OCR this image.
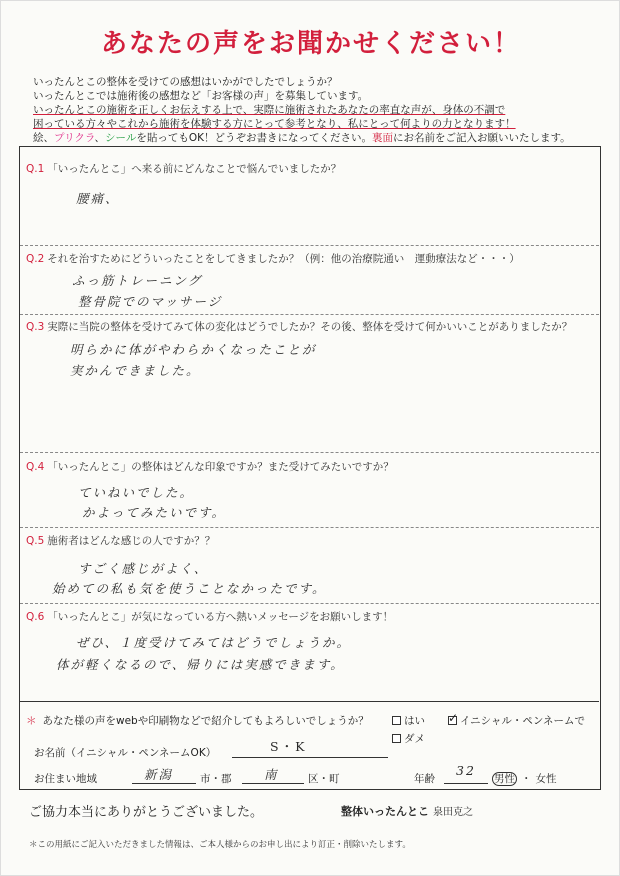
あなたの声をお聞かせください！
いったんとこの整体を受けての感想はいかがでしたでしょうか？
いったんとこでは施術後の感想など「お客様の声」を募集しています。
いったんとこの施術を正しくお伝えする上で、実際に施術されたあなたの率直な声が、身体の不調で
困っている方々やこれから施術を体験する方にとって参考となり、私にとって何よりの力となります！
絵、プリクラ、シールを貼ってもOK！どうぞお書きになってください。裏面にお名前をご記入お願いいたします。
Q.1 「いったんとこ」へ来る前にどんなことで悩んでいましたか？
腰痛、
Q.2 それを治すためにどういったことをしてきましたか？（例：他の治療院通い　運動療法など・・・）
ふっ筋トレーニング
整骨院でのマッサージ
Q.3 実際に当院の整体を受けてみて体の変化はどうでしたか？その後、整体を受けて何かいいことがありましたか？
明らかに体がやわらかくなったことが
実かんできました。
Q.4 「いったんとこ」の整体はどんな印象ですか？また受けてみたいですか？
ていねいでした。
かよってみたいです。
Q.5 施術者はどんな感じの人ですか？？
すごく感じがよく、
始めての私も気を使うことなかったです。
Q.6 「いったんとこ」が気になっている方へ熱いメッセージをお願いします！
ぜひ、１度受けてみてはどうでしょうか。
体が軽くなるので、帰りには実感できます。
＊ あなた様の声をwebや印刷物などで紹介してもよろしいでしょうか？	はい
✓	イニシャル・ペンネームで
ダメ
お名前（イニシャル・ペンネームOK）	S・K
お住まい地域	新潟	市・郡	南	区・町	年齢
32
男性 ・ 女性
ご協力本当にありがとうございました。	整体いったんとこ 泉田克之
＊この用紙にご記入いただきました情報は、ご本人様からのお申し出により訂正・削除いたします。
